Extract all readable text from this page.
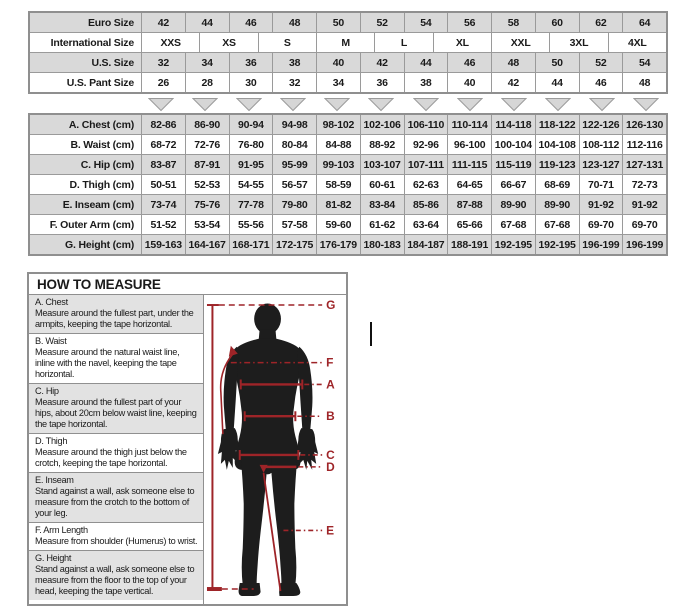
Euro Size	42	44	46	48	50	52	54	56	58	60	62	64
International Size	XXS	XS	S	M	L	XL	XXL	3XL	4XL
U.S. Size	32	34	36	38	40	42	44	46	48	50	52	54
U.S. Pant Size	26	28	30	32	34	36	38	40	42	44	46	48
A. Chest (cm)	82-86	86-90	90-94	94-98	98-102 102-106 106-110 110-114 114-118 118-122 122-126 126-130
B. Waist (cm)	68-72	72-76	76-80	80-84	84-88	88-92	92-96	96-100 100-104 104-108 108-112 112-116
C. Hip (cm)	83-87	87-91	91-95	95-99	99-103 103-107 107-111 111-115 115-119 119-123 123-127 127-131
D. Thigh (cm)	50-51	52-53	54-55	56-57	58-59	60-61	62-63	64-65	66-67	68-69	70-71	72-73
E. Inseam (cm)	73-74	75-76	77-78	79-80	81-82	83-84	85-86	87-88	89-90	89-90	91-92	91-92
F. Outer Arm (cm)	51-52	53-54	55-56	57-58	59-60	61-62	63-64	65-66	67-68	67-68	69-70	69-70
G. Height (cm)	159-163 164-167 168-171 172-175 176-179 180-183 184-187 188-191 192-195 192-195 196-199 196-199
HOW TO MEASURE
A. Chest
Measure around the fullest part, under the armpits, keeping the tape horizontal.
B. Waist
Measure around the natural waist line, inline with the navel, keeping the tape horizontal.
C. Hip
Measure around the fullest part of your hips, about 20cm below waist line, keeping the tape horizontal.
D. Thigh
Measure around the thigh just below the crotch, keeping the tape horizontal.
E. Inseam
Stand against a wall, ask someone else to measure from the crotch to the bottom of your leg.
F. Arm Length
Measure from shoulder (Humerus) to wrist.
G. Height
Stand against a wall, ask someone else to measure from the floor to the top of your head, keeping the tape vertical.
G
F
A
B
C
D
E
